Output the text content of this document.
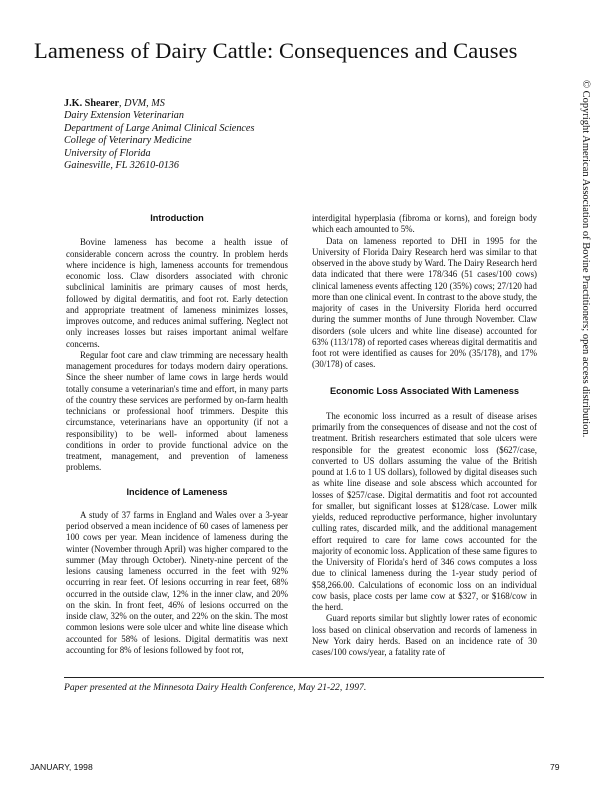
Lameness of Dairy Cattle: Consequences and Causes
J.K. Shearer, DVM, MS
Dairy Extension Veterinarian
Department of Large Animal Clinical Sciences
College of Veterinary Medicine
University of Florida
Gainesville, FL 32610-0136	© Copyright American Association of Bovine Practitioners; open access distribution.
Introduction

Bovine lameness has become a health issue of considerable concern across the country. In problem herds where incidence is high, lameness accounts for tremendous economic loss. Claw disorders associated with chronic subclinical laminitis are primary causes of most herds, followed by digital dermatitis, and foot rot. Early detection and appropriate treatment of lameness minimizes losses, improves outcome, and reduces animal suffering. Neglect not only increases losses but raises important animal welfare concerns.

Regular foot care and claw trimming are necessary health management procedures for todays modern dairy operations. Since the sheer number of lame cows in large herds would totally consume a veterinarian's time and effort, in many parts of the country these services are performed by on-farm health technicians or professional hoof trimmers. Despite this circumstance, veterinarians have an opportunity (if not a responsibility) to be well- informed about lameness conditions in order to provide functional advice on the treatment, management, and prevention of lameness problems.

Incidence of Lameness

A study of 37 farms in England and Wales over a 3-year period observed a mean incidence of 60 cases of lameness per 100 cows per year. Mean incidence of lameness during the winter (November through April) was higher compared to the summer (May through October). Ninety-nine percent of the lesions causing lameness occurred in the feet with 92% occurring in rear feet. Of lesions occurring in rear feet, 68% occurred in the outside claw, 12% in the inner claw, and 20% on the skin. In front feet, 46% of lesions occurred on the inside claw, 32% on the outer, and 22% on the skin. The most common lesions were sole ulcer and white line disease which accounted for 58% of lesions. Digital dermatitis was next accounting for 8% of lesions followed by foot rot,

interdigital hyperplasia (fibroma or korns), and foreign body which each amounted to 5%.

Data on lameness reported to DHI in 1995 for the University of Florida Dairy Research herd was similar to that observed in the above study by Ward. The Dairy Research herd data indicated that there were 178/346 (51 cases/100 cows) clinical lameness events affecting 120 (35%) cows; 27/120 had more than one clinical event. In contrast to the above study, the majority of cases in the University Florida herd occurred during the summer months of June through November. Claw disorders (sole ulcers and white line disease) accounted for 63% (113/178) of reported cases whereas digital dermatitis and foot rot were identified as causes for 20% (35/178), and 17% (30/178) of cases.

Economic Loss Associated With Lameness

The economic loss incurred as a result of disease arises primarily from the consequences of disease and not the cost of treatment. British researchers estimated that sole ulcers were responsible for the greatest economic loss ($627/case, converted to US dollars assuming the value of the British pound at 1.6 to 1 US dollars), followed by digital diseases such as white line disease and sole abscess which accounted for losses of $257/case. Digital dermatitis and foot rot accounted for smaller, but significant losses at $128/case. Lower milk yields, reduced reproductive performance, higher involuntary culling rates, discarded milk, and the additional management effort required to care for lame cows accounted for the majority of economic loss. Application of these same figures to the University of Florida's herd of 346 cows computes a loss due to clinical lameness during the 1-year study period of $58,266.00. Calculations of economic loss on an individual cow basis, place costs per lame cow at $327, or $168/cow in the herd.

Guard reports similar but slightly lower rates of economic loss based on clinical observation and records of lameness in New York dairy herds. Based on an incidence rate of 30 cases/100 cows/year, a fatality rate of

Paper presented at the Minnesota Dairy Health Conference, May 21-22, 1997.
JANUARY, 1998	79
